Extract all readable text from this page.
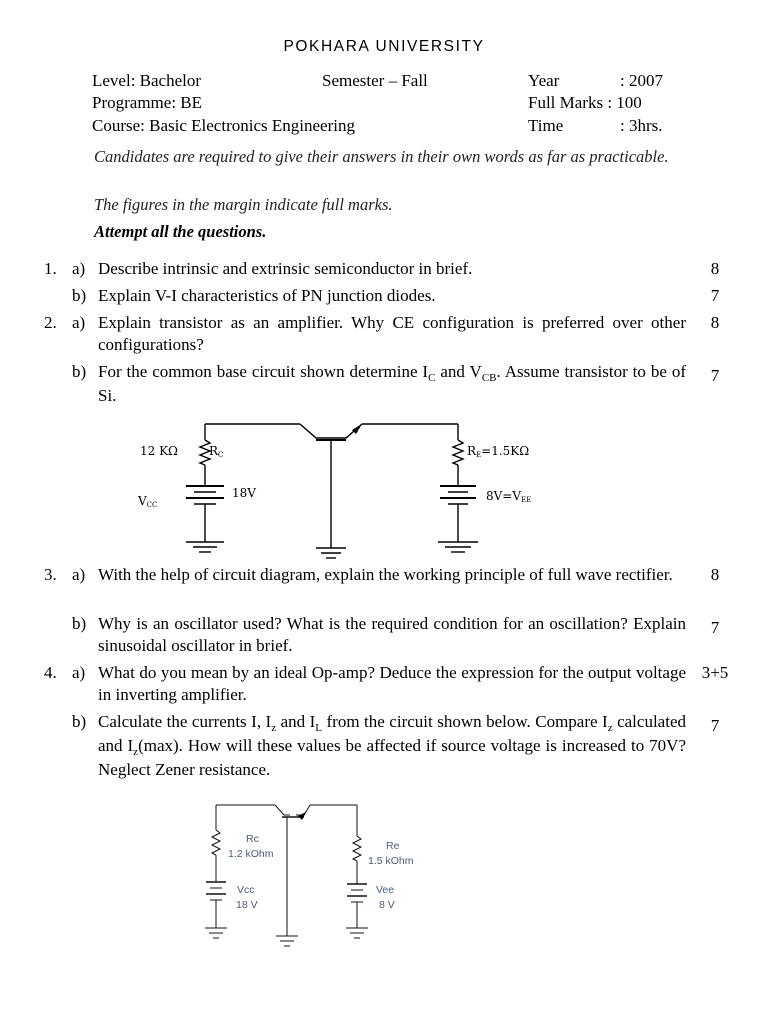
POKHARA UNIVERSITY
Level: Bachelor	Semester – Fall	Year	: 2007
Programme: BE	Full Marks : 100
Course: Basic Electronics Engineering	Time	: 3hrs.
Candidates are required to give their answers in their own words as far as practicable.
The figures in the margin indicate full marks.
Attempt all the questions.
1. a) Describe intrinsic and extrinsic semiconductor in brief.	8
b) Explain V-I characteristics of PN junction diodes.	7
2. a) Explain transistor as an amplifier. Why CE configuration is preferred over other configurations?
8
b) For the common base circuit shown determine $I_C$ and $V_{CB}$. Assume transistor to be of Si.
7
12 KΩ	RC
VCC
18V
RE=1.5KΩ
8V=VEE
3. a) With the help of circuit diagram, explain the working principle of full wave rectifier.	8
b) Why is an oscillator used? What is the required condition for an oscillation? Explain sinusoidal oscillator in brief.
7
4. a) What do you mean by an ideal Op-amp? Deduce the expression for the output voltage in inverting amplifier.
3+5
b) Calculate the currents I, $I_z$ and $I_L$ from the circuit shown below. Compare $I_z$ calculated and $I_z(\max)$. How will these values be affected if source voltage is increased to 70V? Neglect Zener resistance.
7
Rc
1.2 kOhm
Vcc
18 V
Re
1.5 kOhm
Vee
8 V
